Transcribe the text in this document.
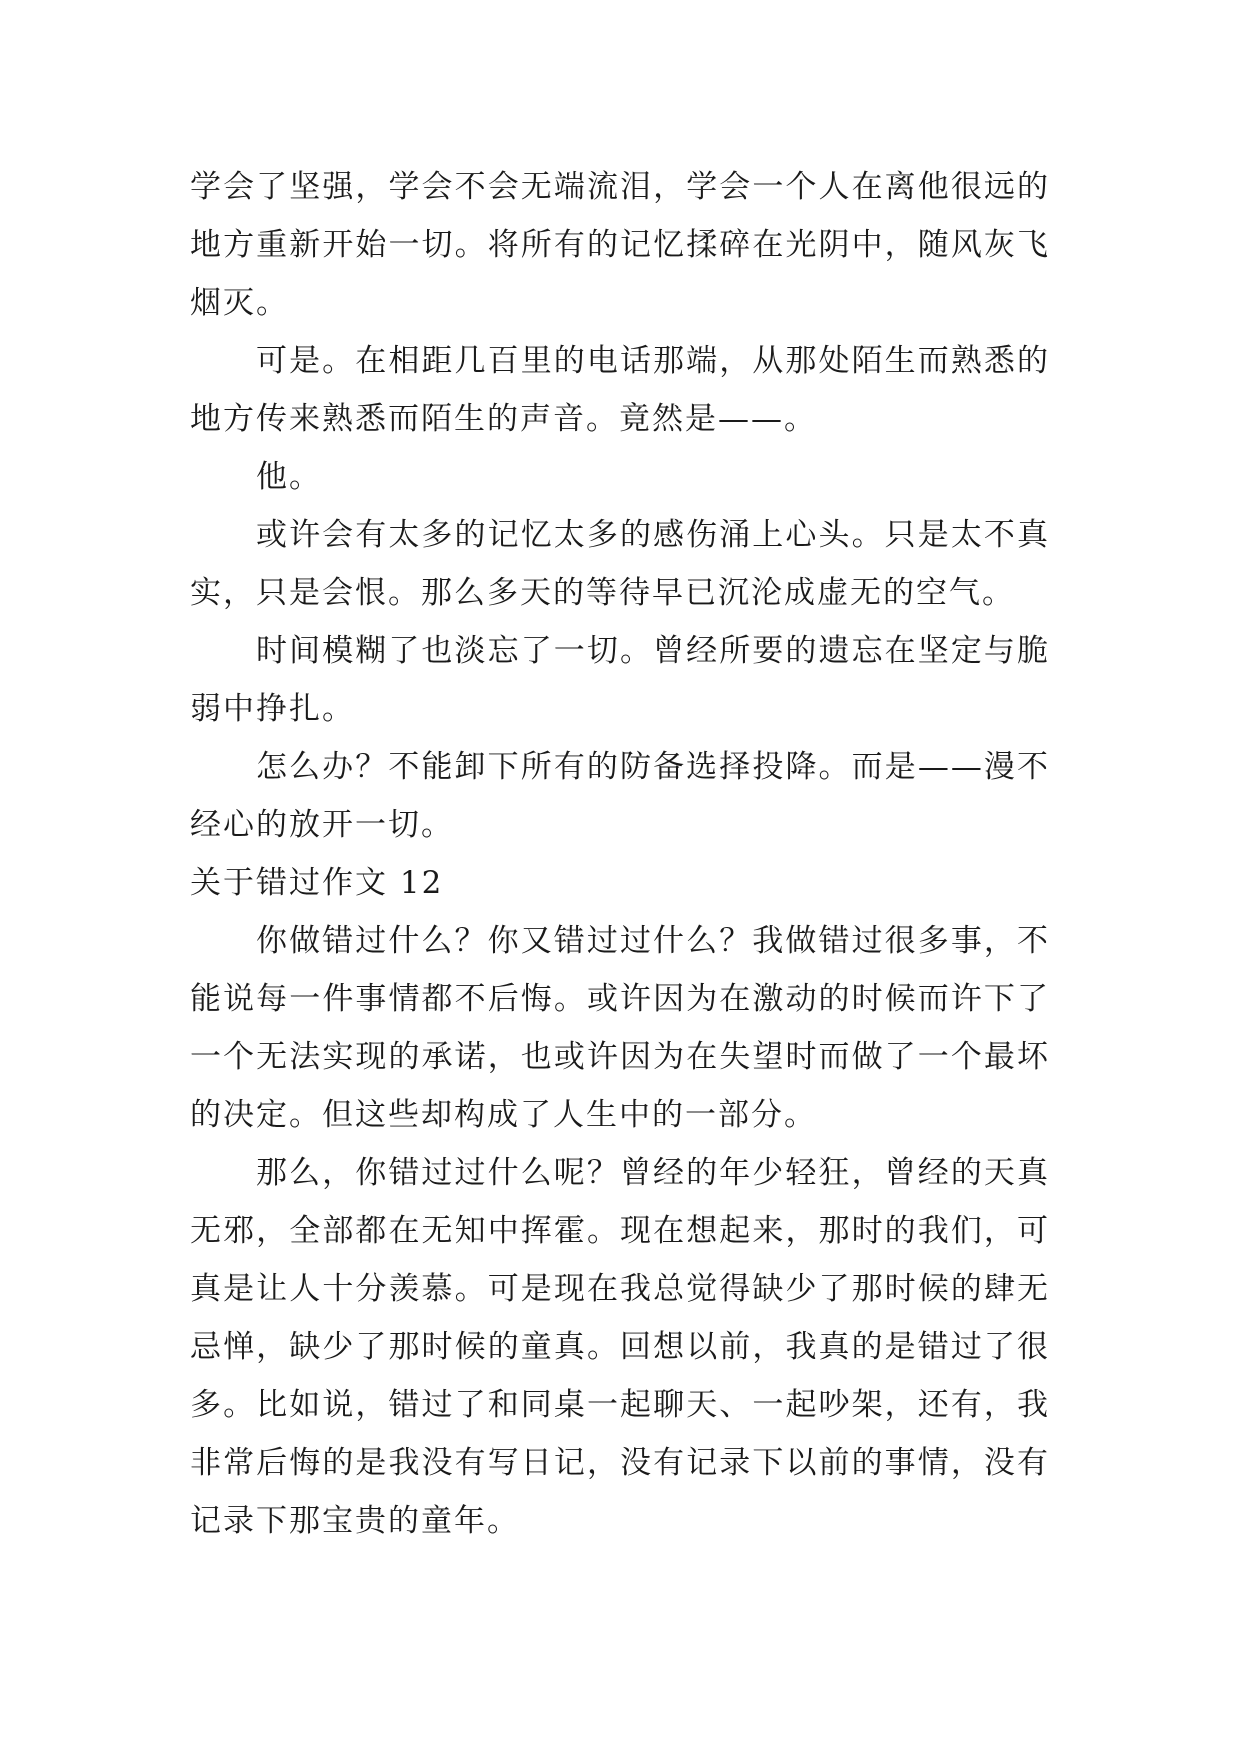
学会了坚强，学会不会无端流泪，学会一个人在离他很远的地方重新开始一切。将所有的记忆揉碎在光阴中，随风灰飞烟灭。

可是。在相距几百里的电话那端，从那处陌生而熟悉的地方传来熟悉而陌生的声音。竟然是——。

他。

或许会有太多的记忆太多的感伤涌上心头。只是太不真实，只是会恨。那么多天的等待早已沉沦成虚无的空气。

时间模糊了也淡忘了一切。曾经所要的遗忘在坚定与脆弱中挣扎。

怎么办？不能卸下所有的防备选择投降。而是——漫不经心的放开一切。

关于错过作文 12

你做错过什么？你又错过过什么？我做错过很多事，不能说每一件事情都不后悔。或许因为在激动的时候而许下了一个无法实现的承诺，也或许因为在失望时而做了一个最坏的决定。但这些却构成了人生中的一部分。

那么，你错过过什么呢？曾经的年少轻狂，曾经的天真无邪，全部都在无知中挥霍。现在想起来，那时的我们，可真是让人十分羡慕。可是现在我总觉得缺少了那时候的肆无忌惮，缺少了那时候的童真。回想以前，我真的是错过了很多。比如说，错过了和同桌一起聊天、一起吵架，还有，我非常后悔的是我没有写日记，没有记录下以前的事情，没有记录下那宝贵的童年。
